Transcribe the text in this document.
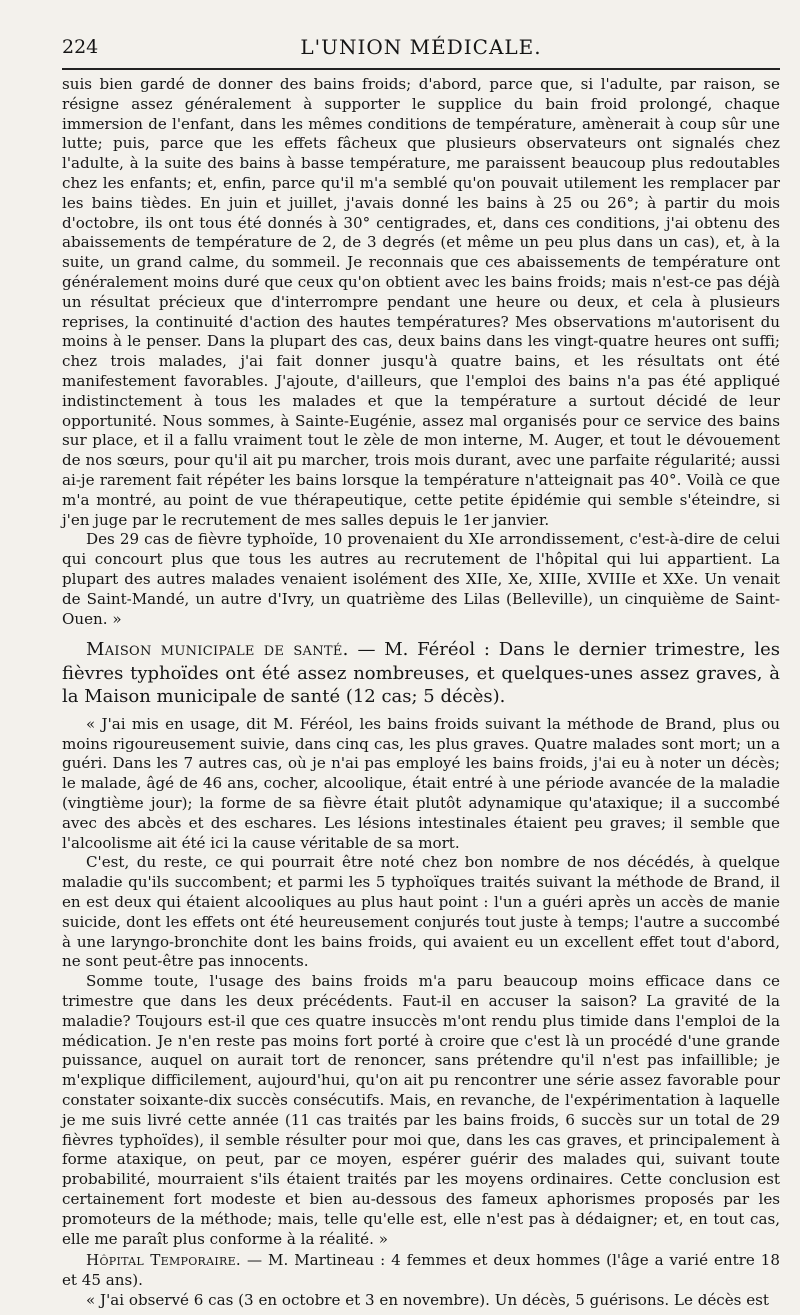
224	L'UNION MÉDICALE.

suis bien gardé de donner des bains froids; d'abord, parce que, si l'adulte, par raison, se résigne assez généralement à supporter le supplice du bain froid prolongé, chaque immersion de l'enfant, dans les mêmes conditions de température, amènerait à coup sûr une lutte; puis, parce que les effets fâcheux que plusieurs observateurs ont signalés chez l'adulte, à la suite des bains à basse température, me paraissent beaucoup plus redoutables chez les enfants; et, enfin, parce qu'il m'a semblé qu'on pouvait utilement les remplacer par les bains tièdes. En juin et juillet, j'avais donné les bains à 25 ou 26°; à partir du mois d'octobre, ils ont tous été donnés à 30° centigrades, et, dans ces conditions, j'ai obtenu des abaissements de température de 2, de 3 degrés (et même un peu plus dans un cas), et, à la suite, un grand calme, du sommeil. Je reconnais que ces abaissements de température ont généralement moins duré que ceux qu'on obtient avec les bains froids; mais n'est-ce pas déjà un résultat précieux que d'interrompre pendant une heure ou deux, et cela à plusieurs reprises, la continuité d'action des hautes températures? Mes observations m'autorisent du moins à le penser. Dans la plupart des cas, deux bains dans les vingt-quatre heures ont suffi; chez trois malades, j'ai fait donner jusqu'à quatre bains, et les résultats ont été manifestement favorables. J'ajoute, d'ailleurs, que l'emploi des bains n'a pas été appliqué indistinctement à tous les malades et que la température a surtout décidé de leur opportunité. Nous sommes, à Sainte-Eugénie, assez mal organisés pour ce service des bains sur place, et il a fallu vraiment tout le zèle de mon interne, M. Auger, et tout le dévouement de nos sœurs, pour qu'il ait pu marcher, trois mois durant, avec une parfaite régularité; aussi ai-je rarement fait répéter les bains lorsque la température n'atteignait pas 40°. Voilà ce que m'a montré, au point de vue thérapeutique, cette petite épidémie qui semble s'éteindre, si j'en juge par le recrutement de mes salles depuis le 1er janvier.

Des 29 cas de fièvre typhoïde, 10 provenaient du XIe arrondissement, c'est-à-dire de celui qui concourt plus que tous les autres au recrutement de l'hôpital qui lui appartient. La plupart des autres malades venaient isolément des XIIe, Xe, XIIIe, XVIIIe et XXe. Un venait de Saint-Mandé, un autre d'Ivry, un quatrième des Lilas (Belleville), un cinquième de Saint-Ouen. »

Maison municipale de santé. — M. Féréol : Dans le dernier trimestre, les fièvres typhoïdes ont été assez nombreuses, et quelques-unes assez graves, à la Maison municipale de santé (12 cas; 5 décès).

« J'ai mis en usage, dit M. Féréol, les bains froids suivant la méthode de Brand, plus ou moins rigoureusement suivie, dans cinq cas, les plus graves. Quatre malades sont mort; un a guéri. Dans les 7 autres cas, où je n'ai pas employé les bains froids, j'ai eu à noter un décès; le malade, âgé de 46 ans, cocher, alcoolique, était entré à une période avancée de la maladie (vingtième jour); la forme de sa fièvre était plutôt adynamique qu'ataxique; il a succombé avec des abcès et des eschares. Les lésions intestinales étaient peu graves; il semble que l'alcoolisme ait été ici la cause véritable de sa mort.

C'est, du reste, ce qui pourrait être noté chez bon nombre de nos décédés, à quelque maladie qu'ils succombent; et parmi les 5 typhoïques traités suivant la méthode de Brand, il en est deux qui étaient alcooliques au plus haut point : l'un a guéri après un accès de manie suicide, dont les effets ont été heureusement conjurés tout juste à temps; l'autre a succombé à une laryngo-bronchite dont les bains froids, qui avaient eu un excellent effet tout d'abord, ne sont peut-être pas innocents.

Somme toute, l'usage des bains froids m'a paru beaucoup moins efficace dans ce trimestre que dans les deux précédents. Faut-il en accuser la saison? La gravité de la maladie? Toujours est-il que ces quatre insuccès m'ont rendu plus timide dans l'emploi de la médication. Je n'en reste pas moins fort porté à croire que c'est là un procédé d'une grande puissance, auquel on aurait tort de renoncer, sans prétendre qu'il n'est pas infaillible; je m'explique difficilement, aujourd'hui, qu'on ait pu rencontrer une série assez favorable pour constater soixante-dix succès consécutifs. Mais, en revanche, de l'expérimentation à laquelle je me suis livré cette année (11 cas traités par les bains froids, 6 succès sur un total de 29 fièvres typhoïdes), il semble résulter pour moi que, dans les cas graves, et principalement à forme ataxique, on peut, par ce moyen, espérer guérir des malades qui, suivant toute probabilité, mourraient s'ils étaient traités par les moyens ordinaires. Cette conclusion est certainement fort modeste et bien au-dessous des fameux aphorismes proposés par les promoteurs de la méthode; mais, telle qu'elle est, elle n'est pas à dédaigner; et, en tout cas, elle me paraît plus conforme à la réalité. »

Hôpital Temporaire. — M. Martineau : 4 femmes et deux hommes (l'âge a varié entre 18 et 45 ans).

« J'ai observé 6 cas (3 en octobre et 3 en novembre). Un décès, 5 guérisons. Le décès est
